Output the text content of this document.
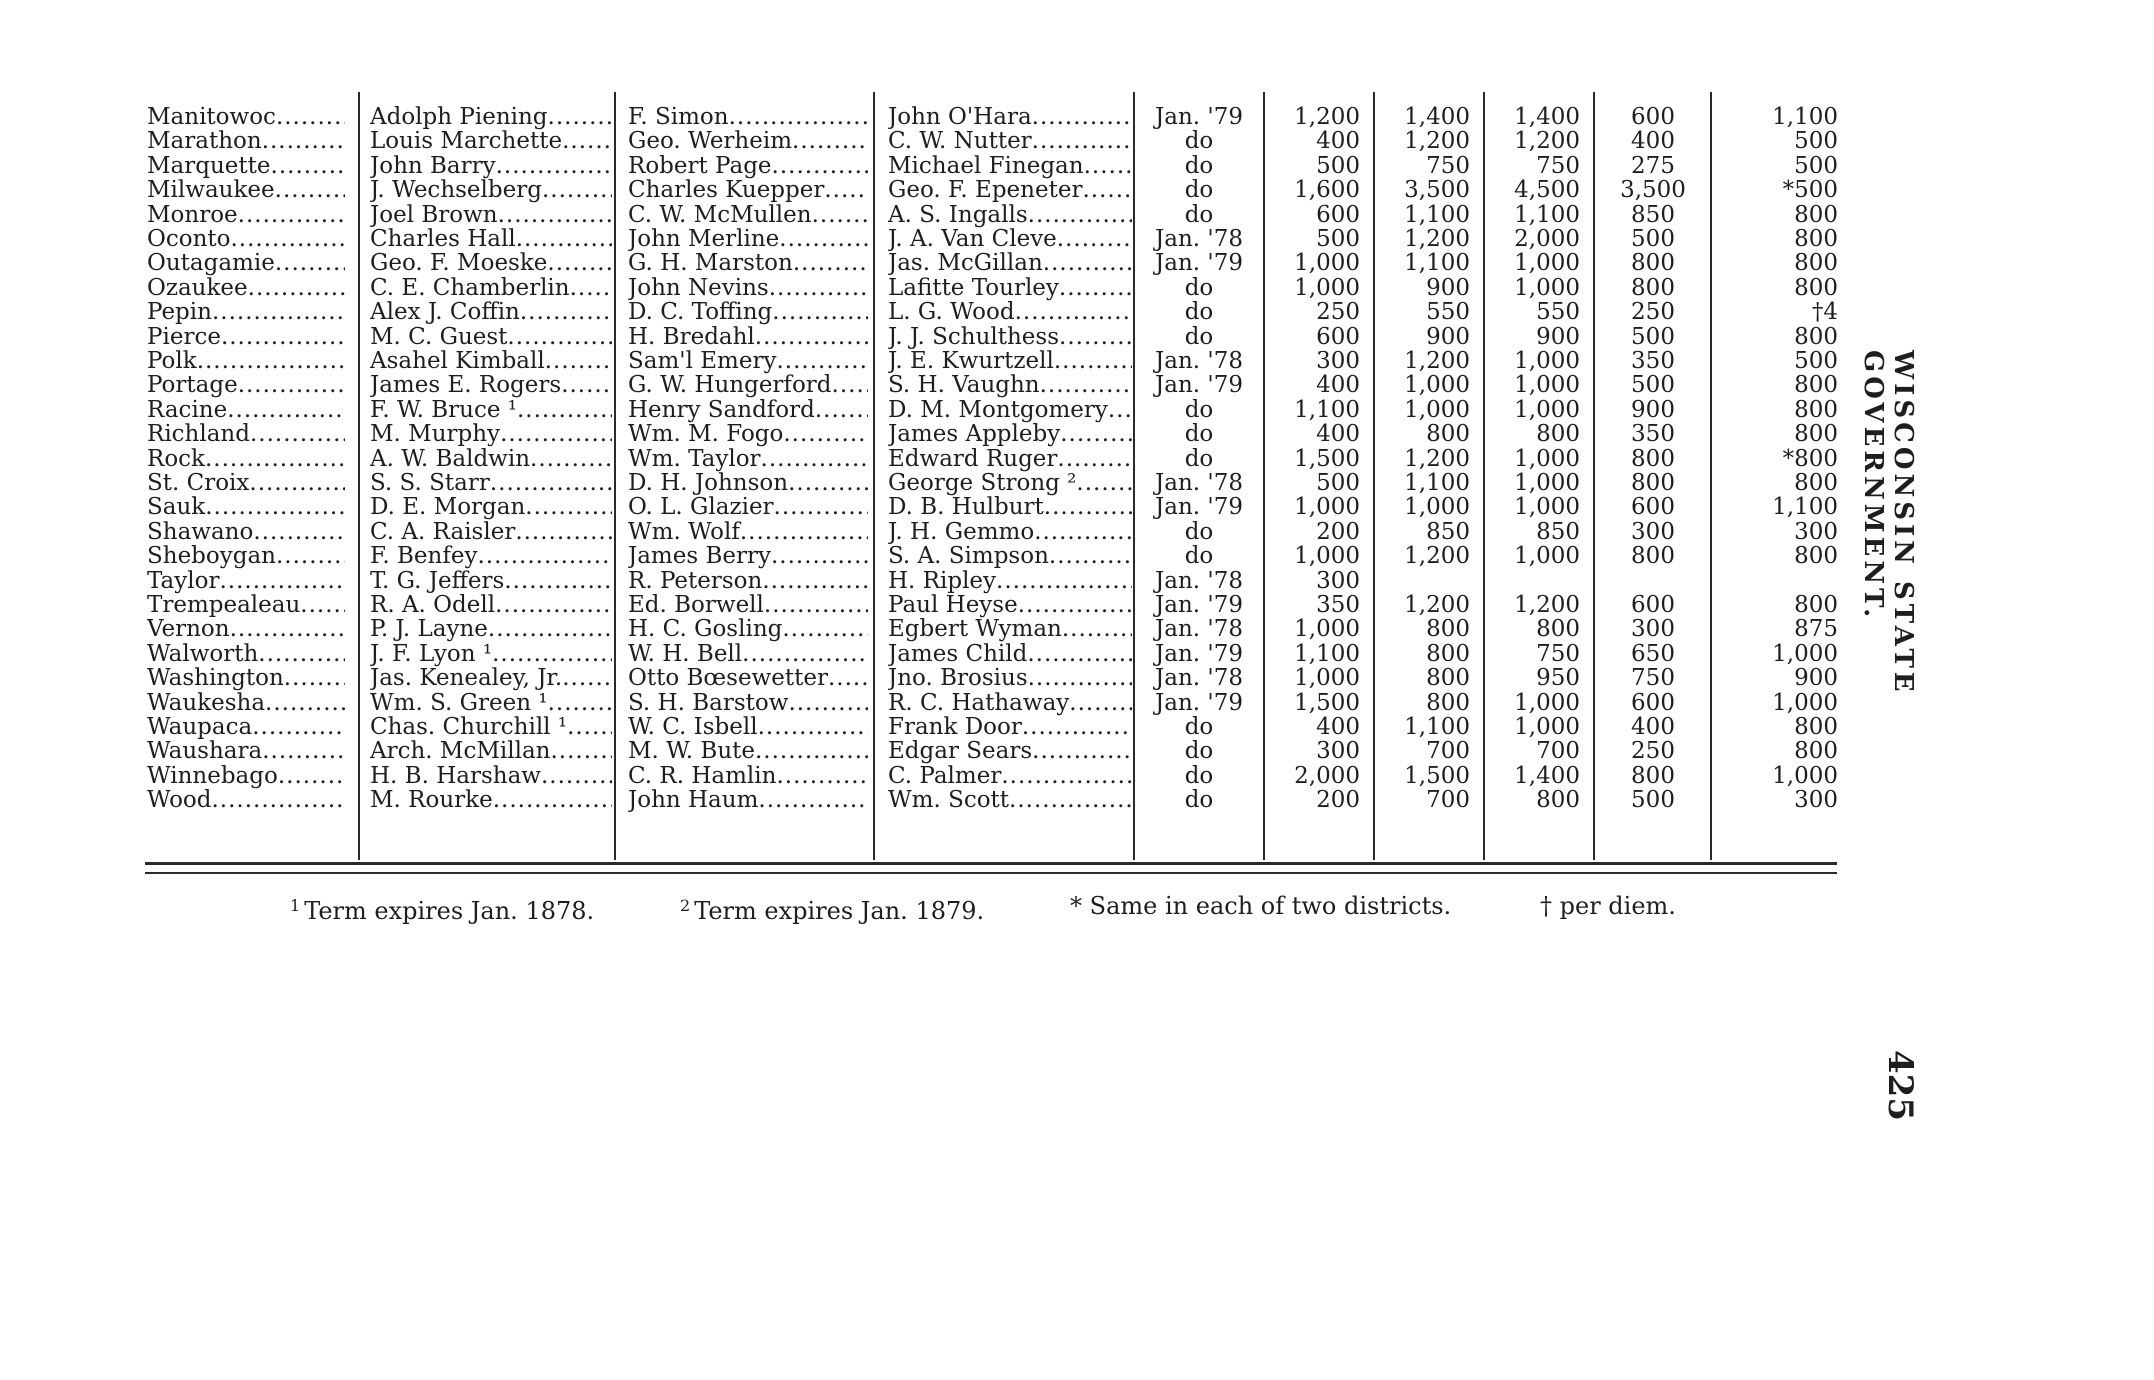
Manitowoc .....	Adolph Piening .....	F. Simon .....	John O'Hara .....	Jan. '79	1,200	1,400	1,400	600	1,100
Marathon .....	Louis Marchette .....	Geo. Werheim .....	C. W. Nutter .....	do	400	1,200	1,200	400	500
Marquette .....	John Barry .....	Robert Page .....	Michael Finegan .....	do	500	750	750	275	500
Milwaukee .....	J. Wechselberg .....	Charles Kuepper .....	Geo. F. Epeneter .....	do	1,600	3,500	4,500	3,500	*500
Monroe .....	Joel Brown .....	C. W. McMullen .....	A. S. Ingalls .....	do	600	1,100	1,100	850	800
Oconto .....	Charles Hall .....	John Merline .....	J. A. Van Cleve .....	Jan. '78	500	1,200	2,000	500	800
Outagamie .....	Geo. F. Moeske .....	G. H. Marston .....	Jas. McGillan .....	Jan. '79	1,000	1,100	1,000	800	800
Ozaukee .....	C. E. Chamberlin .....	John Nevins .....	Lafitte Tourley .....	do	1,000	900	1,000	800	800
Pepin .....	Alex J. Coffin .....	D. C. Toffing .....	L. G. Wood .....	do	250	550	550	250	†4
Pierce .....	M. C. Guest .....	H. Bredahl .....	J. J. Schulthess .....	do	600	900	900	500	800
Polk .....	Asahel Kimball .....	Sam'l Emery .....	J. E. Kwurtzell .....	Jan. '78	300	1,200	1,000	350	500
Portage .....	James E. Rogers .....	G. W. Hungerford .....	S. H. Vaughn .....	Jan. '79	400	1,000	1,000	500	800
Racine .....	F. W. Bruce ¹ .....	Henry Sandford .....	D. M. Montgomery .....	do	1,100	1,000	1,000	900	800
Richland .....	M. Murphy .....	Wm. M. Fogo .....	James Appleby .....	do	400	800	800	350	800
Rock .....	A. W. Baldwin .....	Wm. Taylor .....	Edward Ruger .....	do	1,500	1,200	1,000	800	*800
St. Croix .....	S. S. Starr .....	D. H. Johnson .....	George Strong ² .....	Jan. '78	500	1,100	1,000	800	800
Sauk .....	D. E. Morgan .....	O. L. Glazier .....	D. B. Hulburt .....	Jan. '79	1,000	1,000	1,000	600	1,100
Shawano .....	C. A. Raisler .....	Wm. Wolf .....	J. H. Gemmo .....	do	200	850	850	300	300
Sheboygan .....	F. Benfey .....	James Berry .....	S. A. Simpson .....	do	1,000	1,200	1,000	800	800
Taylor .....	T. G. Jeffers .....	R. Peterson .....	H. Ripley .....	Jan. '78	300
Trempealeau .....	R. A. Odell .....	Ed. Borwell .....	Paul Heyse .....	Jan. '79	350	1,200	1,200	600	800
Vernon .....	P. J. Layne .....	H. C. Gosling .....	Egbert Wyman .....	Jan. '78	1,000	800	800	300	875
Walworth .....	J. F. Lyon ¹ .....	W. H. Bell .....	James Child .....	Jan. '79	1,100	800	750	650	1,000
Washington .....	Jas. Kenealey, Jr. .....	Otto Bœsewetter .....	Jno. Brosius .....	Jan. '78	1,000	800	950	750	900
Waukesha .....	Wm. S. Green ¹ .....	S. H. Barstow .....	R. C. Hathaway .....	Jan. '79	1,500	800	1,000	600	1,000
Waupaca .....	Chas. Churchill ¹ .....	W. C. Isbell .....	Frank Door .....	do	400	1,100	1,000	400	800
Waushara .....	Arch. McMillan .....	M. W. Bute .....	Edgar Sears .....	do	300	700	700	250	800
Winnebago .....	H. B. Harshaw .....	C. R. Hamlin .....	C. Palmer .....	do	2,000	1,500	1,400	800	1,000
Wood .....	M. Rourke .....	John Haum .....	Wm. Scott .....	do	200	700	800	500	300
$^1$ Term expires Jan. 1878.	$^2$ Term expires Jan. 1879.	* Same in each of two districts.	† per diem.
WISCONSIN STATE GOVERNMENT.
425
